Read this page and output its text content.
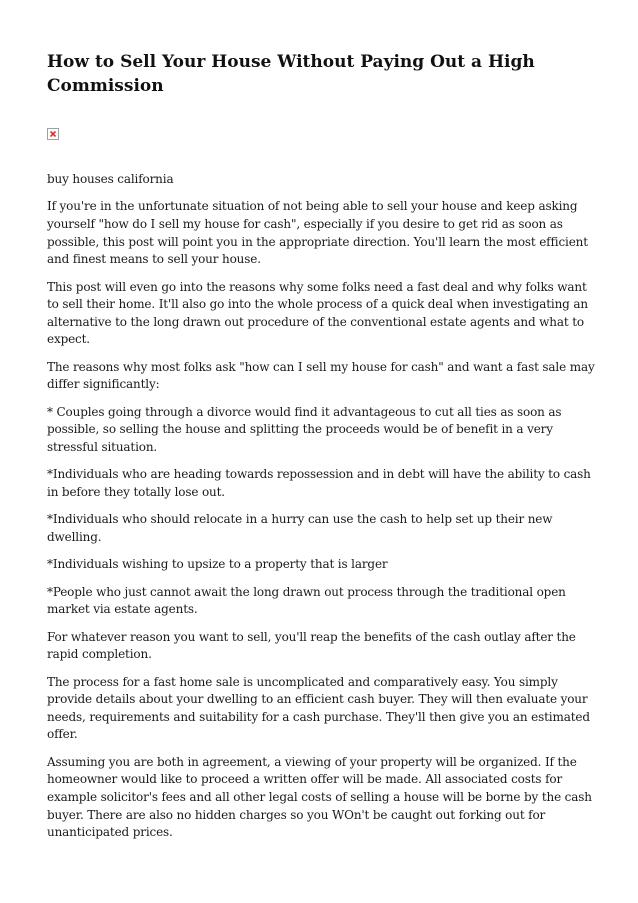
How to Sell Your House Without Paying Out a High Commission

buy houses california

If you're in the unfortunate situation of not being able to sell your house and keep asking yourself "how do I sell my house for cash", especially if you desire to get rid as soon as possible, this post will point you in the appropriate direction. You'll learn the most efficient and finest means to sell your house.

This post will even go into the reasons why some folks need a fast deal and why folks want to sell their home. It'll also go into the whole process of a quick deal when investigating an alternative to the long drawn out procedure of the conventional estate agents and what to expect.

The reasons why most folks ask "how can I sell my house for cash" and want a fast sale may differ significantly:

* Couples going through a divorce would find it advantageous to cut all ties as soon as possible, so selling the house and splitting the proceeds would be of benefit in a very stressful situation.

*Individuals who are heading towards repossession and in debt will have the ability to cash in before they totally lose out.

*Individuals who should relocate in a hurry can use the cash to help set up their new dwelling.

*Individuals wishing to upsize to a property that is larger

*People who just cannot await the long drawn out process through the traditional open market via estate agents.

For whatever reason you want to sell, you'll reap the benefits of the cash outlay after the rapid completion.

The process for a fast home sale is uncomplicated and comparatively easy. You simply provide details about your dwelling to an efficient cash buyer. They will then evaluate your needs, requirements and suitability for a cash purchase. They'll then give you an estimated offer.

Assuming you are both in agreement, a viewing of your property will be organized. If the homeowner would like to proceed a written offer will be made. All associated costs for example solicitor's fees and all other legal costs of selling a house will be borne by the cash buyer. There are also no hidden charges so you WOn't be caught out forking out for unanticipated prices.
